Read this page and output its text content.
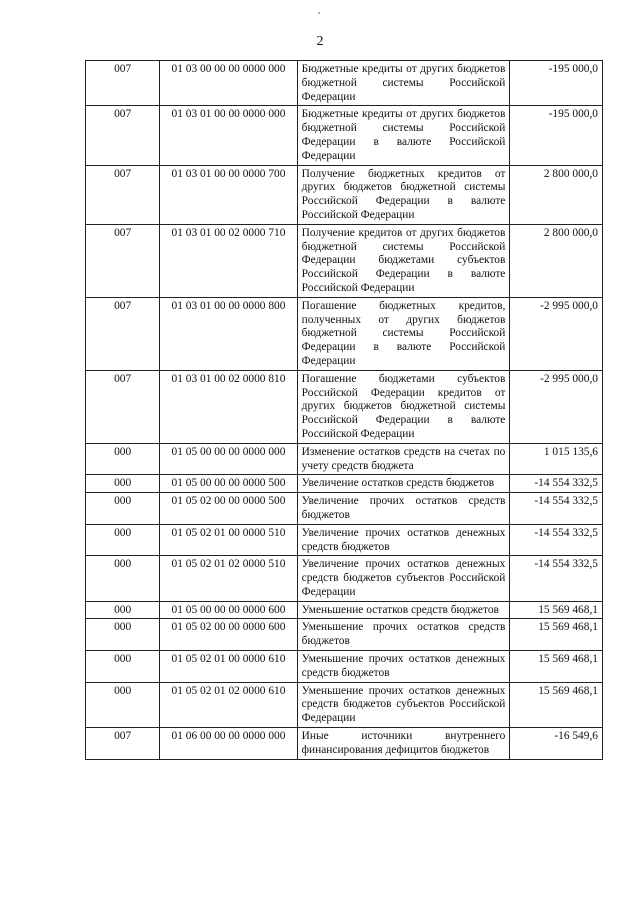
2
007	01 03 00 00 00 0000 000	Бюджетные кредиты от других бюджетов бюджетной системы Российской Федерации	-195 000,0
007	01 03 01 00 00 0000 000	Бюджетные кредиты от других бюджетов бюджетной системы Российской Федерации в валюте Российской Федерации	-195 000,0
007	01 03 01 00 00 0000 700	Получение бюджетных кредитов от других бюджетов бюджетной системы Российской Федерации в валюте Российской Федерации	2 800 000,0
007	01 03 01 00 02 0000 710	Получение кредитов от других бюджетов бюджетной системы Российской Федерации бюджетами субъектов Российской Федерации в валюте Российской Федерации	2 800 000,0
007	01 03 01 00 00 0000 800	Погашение бюджетных кредитов, полученных от других бюджетов бюджетной системы Российской Федерации в валюте Российской Федерации	-2 995 000,0
007	01 03 01 00 02 0000 810	Погашение бюджетами субъектов Российской Федерации кредитов от других бюджетов бюджетной системы Российской Федерации в валюте Российской Федерации	-2 995 000,0
000	01 05 00 00 00 0000 000	Изменение остатков средств на счетах по учету средств бюджета	1 015 135,6
000	01 05 00 00 00 0000 500	Увеличение остатков средств бюджетов	-14 554 332,5
000	01 05 02 00 00 0000 500	Увеличение прочих остатков средств бюджетов	-14 554 332,5
000	01 05 02 01 00 0000 510	Увеличение прочих остатков денежных средств бюджетов	-14 554 332,5
000	01 05 02 01 02 0000 510	Увеличение прочих остатков денежных средств бюджетов субъектов Российской Федерации	-14 554 332,5
000	01 05 00 00 00 0000 600	Уменьшение остатков средств бюджетов	15 569 468,1
000	01 05 02 00 00 0000 600	Уменьшение прочих остатков средств бюджетов	15 569 468,1
000	01 05 02 01 00 0000 610	Уменьшение прочих остатков денежных средств бюджетов	15 569 468,1
000	01 05 02 01 02 0000 610	Уменьшение прочих остатков денежных средств бюджетов субъектов Российской Федерации	15 569 468,1
007	01 06 00 00 00 0000 000	Иные источники внутреннего финансирования дефицитов бюджетов	-16 549,6
